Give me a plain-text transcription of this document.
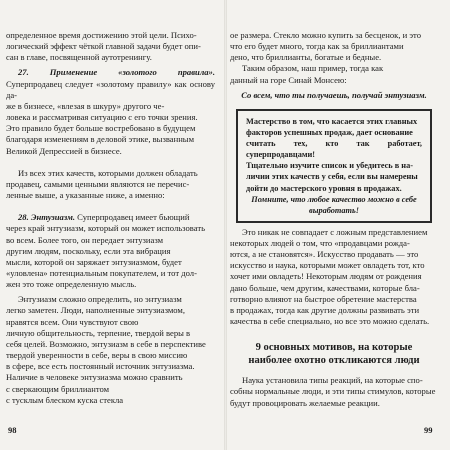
определенное время достижению этой цели. Психо-
логический эффект чёткой главной задачи будет опи-
сан в главе, посвященной аутотренингу.

27. Применение «золотого правила». Суперпродавец следует «золотому правилу» как основу да-
же в бизнесе, «влезая в шкуру» другого че-
ловека и рассматривая ситуацию с его точки зрения.
Это правило будет больше востребовано в будущем
благодаря изменениям в деловой этике, вызванным
Великой Депрессией в бизнесе.

Из всех этих качеств, которыми должен обладать
продавец, самыми ценными являются не перечис-
ленные выше, а указанные ниже, а именно:

28. Энтузиазм. Суперпродавец имеет бьющий
через край энтузиазм, который он может использовать
во всем. Более того, он передает энтузиазм
другим людям, поскольку, если эта вибрация
мысли, которой он заряжает энтузиазмом, будет
«уловлена» потенциальным покупателем, и тот дол-
жен это тоже определенную мысль.

Энтузиазм сложно определить, но энтузиазм
легко заметен. Люди, наполненные энтузиазмом,
нравятся всем. Они чувствуют свою
личную общительность, терпение, твердой веры в
себя целей. Возможно, энтузиазм в себе в перспективе
твердой уверенности в себе, веры в свою миссию
в сфере, все есть постоянный источник энтузиазма.
Наличие в человеке энтузиазма можно сравнить
с сверкающим бриллиантом
с тусклым блеском куска стекла

98

ое размера. Стекло можно купить за бесценок, и это
что его будет много, тогда как за бриллиантами
дено, что бриллианты, богатые и бедные.

Таким образом, наш пример, тогда как
данный на горе Синай Монсею:

Со всем, что ты получаешь, получай энтузиазм.

Мастерство в том, что касается этих главных
факторов успешных продаж, дает основание
считать тех, кто так работает, суперпродавцами!
Тщательно изучите список и убедитесь в на-
личии этих качеств у себя, если вы намерены
дойти до мастерского уровня в продажах.

Помните, что любое качество можно в себе
выработать!

Это никак не совпадает с ложным представлением
некоторых людей о том, что «продавцами рожда-
ются, а не становятся». Искусство продавать — это
искусство и наука, которыми может овладеть тот, кто
хочет ими овладеть! Некоторым людям от рождения
дано больше, чем другим, качествами, которые бла-
готворно влияют на быстрое обретение мастерства
в продажах, тогда как другие должны развивать эти
качества в себе специально, но все это можно сделать.

9 основных мотивов, на которые
наиболее охотно откликаются люди

Наука установила типы реакций, на которые спо-
собны нормальные люди, и эти типы стимулов, которые
будут провоцировать желаемые реакции.

99
